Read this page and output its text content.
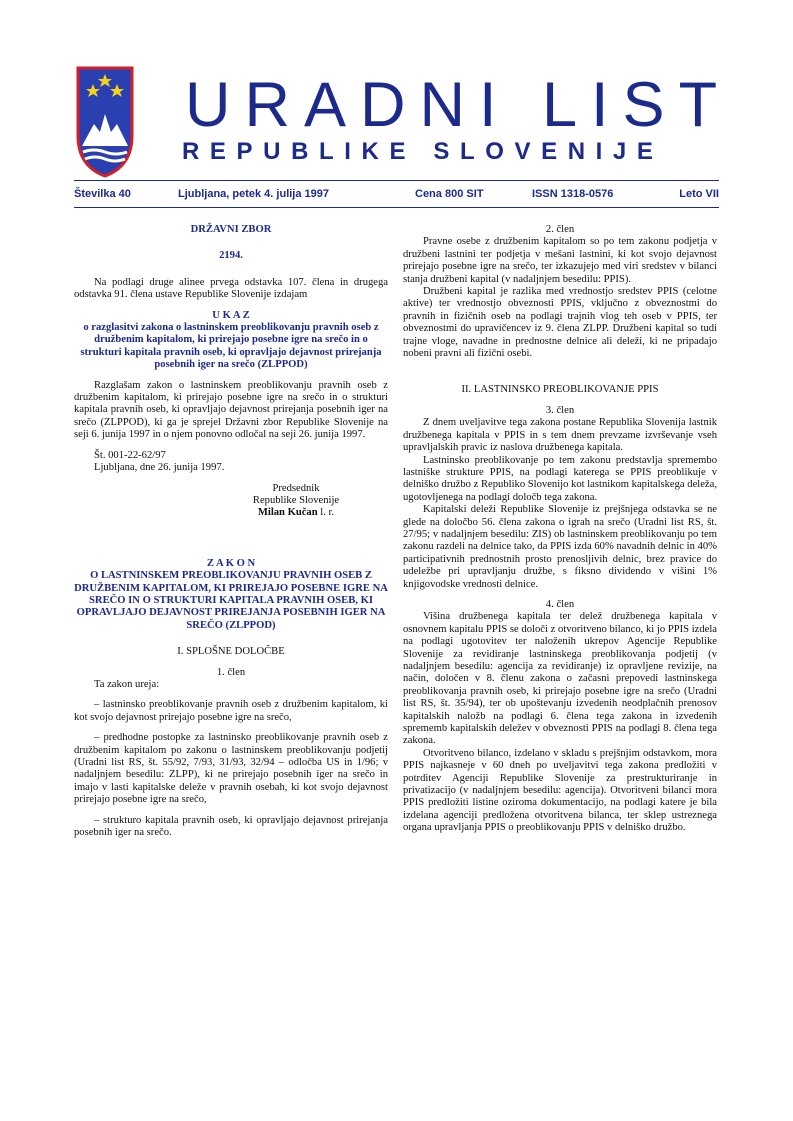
URADNI LIST
REPUBLIKE SLOVENIJE
Številka 40	Ljubljana, petek 4. julija 1997	Cena 800 SIT	ISSN 1318-0576	Leto VII
DRŽAVNI ZBOR
2194.

Na podlagi druge alinee prvega odstavka 107. člena in drugega odstavka 91. člena ustave Republike Slovenije izdajam

U K A Z
o razglasitvi zakona o lastninskem preoblikovanju pravnih oseb z družbenim kapitalom, ki prirejajo posebne igre na srečo in o strukturi kapitala pravnih oseb, ki opravljajo dejavnost prirejanja posebnih iger na srečo (ZLPPOD)

Razglašam zakon o lastninskem preoblikovanju pravnih oseb z družbenim kapitalom, ki prirejajo posebne igre na srečo in o strukturi kapitala pravnih oseb, ki opravljajo dejavnost prirejanja posebnih iger na srečo (ZLPPOD), ki ga je sprejel Državni zbor Republike Slovenije na seji 6. junija 1997 in o njem ponovno odločal na seji 26. junija 1997.

Št. 001-22-62/97

Ljubljana, dne 26. junija 1997.

Predsednik
Republike Slovenije
Milan Kučan l. r.
Z A K O N
O LASTNINSKEM PREOBLIKOVANJU PRAVNIH OSEB Z DRUŽBENIM KAPITALOM, KI PRIREJAJO POSEBNE IGRE NA SREČO IN O STRUKTURI KAPITALA PRAVNIH OSEB, KI OPRAVLJAJO DEJAVNOST PRIREJANJA POSEBNIH IGER NA SREČO (ZLPPOD)
I. SPLOŠNE DOLOČBE
1. člen

Ta zakon ureja:

– lastninsko preoblikovanje pravnih oseb z družbenim kapitalom, ki kot svojo dejavnost prirejajo posebne igre na srečo,

– predhodne postopke za lastninsko preoblikovanje pravnih oseb z družbenim kapitalom po zakonu o lastninskem preoblikovanju podjetij (Uradni list RS, št. 55/92, 7/93, 31/93, 32/94 – odločba US in 1/96; v nadaljnjem besedilu: ZLPP), ki ne prirejajo posebnih iger na srečo in imajo v lasti kapitalske deleže v pravnih osebah, ki kot svojo dejavnost prirejajo posebne igre na srečo,

– strukturo kapitala pravnih oseb, ki opravljajo dejavnost prirejanja posebnih iger na srečo.

2. člen

Pravne osebe z družbenim kapitalom so po tem zakonu podjetja v družbeni lastnini ter podjetja v mešani lastnini, ki kot svojo dejavnost prirejajo posebne igre na srečo, ter izkazujejo med viri sredstev v bilanci stanja družbeni kapital (v nadaljnjem besedilu: PPIS).

Družbeni kapital je razlika med vrednostjo sredstev PPIS (celotne aktive) ter vrednostjo obveznosti PPIS, vključno z obveznostmi do pravnih in fizičnih oseb na podlagi trajnih vlog teh oseb v PPIS, ter obveznostmi do upravičencev iz 9. člena ZLPP. Družbeni kapital so tudi trajne vloge, navadne in prednostne delnice ali deleži, ki ne pripadajo nobeni pravni ali fizični osebi.

II. LASTNINSKO PREOBLIKOVANJE PPIS
3. člen

Z dnem uveljavitve tega zakona postane Republika Slovenija lastnik družbenega kapitala v PPIS in s tem dnem prevzame izvrševanje vseh upravljalskih pravic iz naslova družbenega kapitala.

Lastninsko preoblikovanje po tem zakonu predstavlja spremembo lastniške strukture PPIS, na podlagi katerega se PPIS preoblikuje v delniško družbo z Republiko Slovenijo kot lastnikom kapitalskega deleža, ugotovljenega na podlagi določb tega zakona.

Kapitalski deleži Republike Slovenije iz prejšnjega odstavka se ne glede na določbo 56. člena zakona o igrah na srečo (Uradni list RS, št. 27/95; v nadaljnjem besedilu: ZIS) ob lastninskem preoblikovanju po tem zakonu razdeli na delnice tako, da PPIS izda 60% navadnih delnic in 40% participativnih prednostnih prosto prenosljivih delnic, brez pravice do udeležbe pri upravljanju družbe, s fiksno dividendo v višini 1% knjigovodske vrednosti delnice.

4. člen

Višina družbenega kapitala ter delež družbenega kapitala v osnovnem kapitalu PPIS se določi z otvoritveno bilanco, ki jo PPIS izdela na podlagi ugotovitev ter naloženih ukrepov Agencije Republike Slovenije za revidiranje lastninskega preoblikovanja podjetij (v nadaljnjem besedilu: agencija za revidiranje) iz opravljene revizije, na način, določen v 8. členu zakona o začasni prepovedi lastninskega preoblikovanja pravnih oseb, ki prirejajo posebne igre na srečo (Uradni list RS, št. 35/94), ter ob upoštevanju izvedenih neodplačnih prenosov kapitalskih naložb na podlagi 6. člena tega zakona in izvedenih sprememb kapitalskih deležev v obveznosti PPIS na podlagi 8. člena tega zakona.

Otvoritveno bilanco, izdelano v skladu s prejšnjim odstavkom, mora PPIS najkasneje v 60 dneh po uveljavitvi tega zakona predložiti v potrditev Agenciji Republike Slovenije za prestrukturiranje in privatizacijo (v nadaljnjem besedilu: agencija). Otvoritveni bilanci mora PPIS predložiti listine oziroma dokumentacijo, na podlagi katere je bila izdelana agenciji predložena otvoritvena bilanca, ter sklep ustreznega organa upravljanja PPIS o preoblikovanju PPIS v delniško družbo.
